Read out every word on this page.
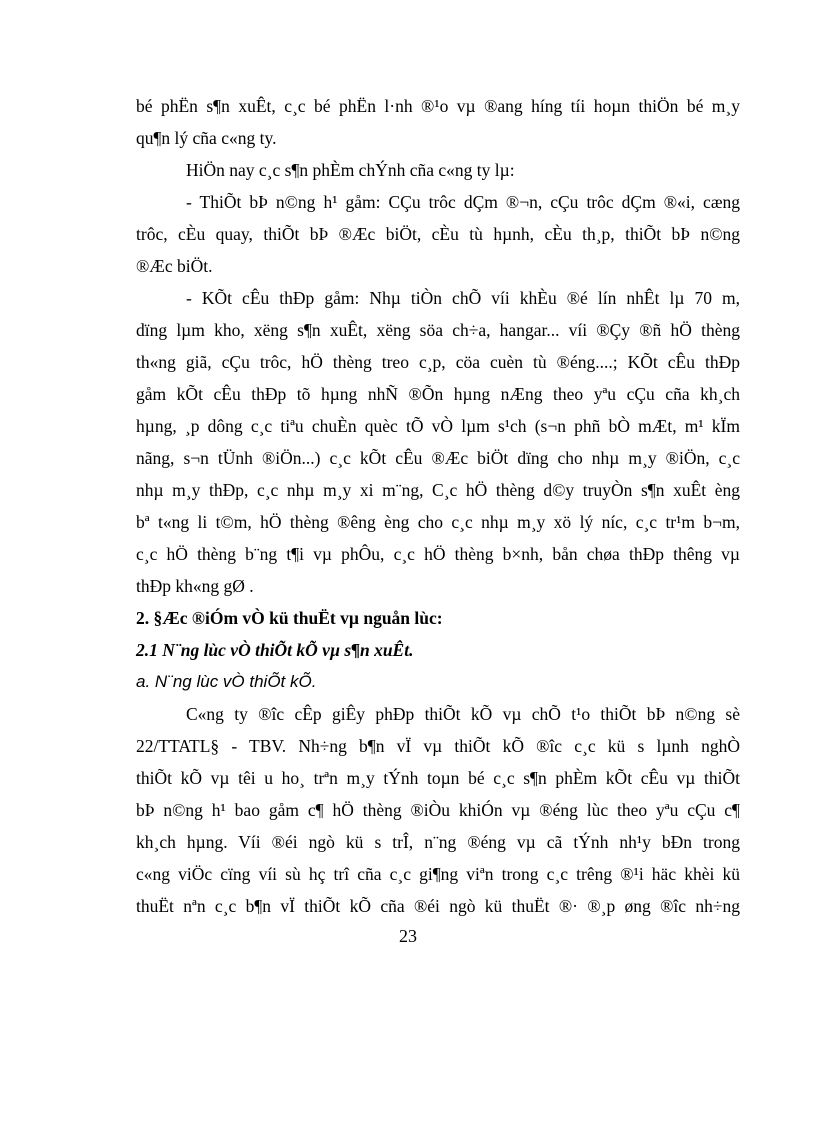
bé phËn s¶n xuÊt, c¸c bé phËn l·nh ®¹o vµ ®ang híng tíi hoµn thiÖn bé m¸y
qu¶n lý cña c«ng ty.
HiÖn nay c¸c s¶n phÈm chÝnh cña c«ng ty lµ:
- ThiÕt bÞ n©ng h¹ gåm: CÇu trôc dÇm ®¬n, cÇu trôc dÇm ®«i, cæng
trôc, cÈu quay, thiÕt bÞ ®Æc biÖt, cÈu tù hµnh, cÈu th¸p, thiÕt bÞ n©ng
®Æc biÖt.
- KÕt cÊu thÐp gåm: Nhµ tiÒn chÕ víi khÈu ®é lín nhÊt lµ 70 m,
dïng lµm kho, xëng s¶n xuÊt, xëng söa ch÷a, hangar... víi ®Çy ®ñ hÖ thèng
th«ng giã, cÇu trôc, hÖ thèng treo c¸p, cöa cuèn tù ®éng....; KÕt cÊu thÐp
gåm kÕt cÊu thÐp tõ hµng nhÑ ®Õn hµng nÆng theo yªu cÇu cña kh¸ch
hµng, ¸p dông c¸c tiªu chuÈn quèc tÕ vÒ lµm s¹ch (s¬n phñ bÒ mÆt, m¹ kÏm
nãng, s¬n tÜnh ®iÖn...) c¸c kÕt cÊu ®Æc biÖt dïng cho nhµ m¸y ®iÖn, c¸c
nhµ m¸y thÐp, c¸c nhµ m¸y xi m¨ng, C¸c hÖ thèng d©y truyÒn s¶n xuÊt èng
bª t«ng li t©m, hÖ thèng ®êng èng cho c¸c nhµ m¸y xö lý níc, c¸c tr¹m b¬m,
c¸c hÖ thèng b¨ng t¶i vµ phÔu, c¸c hÖ thèng b×nh, bån chøa thÐp thêng vµ
thÐp kh«ng gØ .
2. §Æc ®iÓm vÒ kü thuËt vµ nguån lùc:
2.1 N¨ng lùc vÒ thiÕt kÕ vµ s¶n xuÊt.
a. N¨ng lùc vÒ thiÕt kÕ.
C«ng ty ®îc cÊp giÊy phÐp thiÕt kÕ vµ chÕ t¹o thiÕt bÞ n©ng sè
22/TTATL§ - TBV. Nh÷ng b¶n vÏ vµ thiÕt kÕ ®îc c¸c kü s lµnh nghÒ
thiÕt kÕ vµ têi u ho¸ trªn m¸y tÝnh toµn bé c¸c s¶n phÈm kÕt cÊu vµ thiÕt
bÞ n©ng h¹ bao gåm c¶ hÖ thèng ®iÒu khiÓn vµ ®éng lùc theo yªu cÇu c¶
kh¸ch hµng. Víi ®éi ngò kü s trÎ, n¨ng ®éng vµ cã tÝnh nh¹y bÐn trong
c«ng viÖc cïng víi sù hç trî cña c¸c gi¶ng viªn trong c¸c trêng ®¹i häc khèi kü
thuËt nªn c¸c b¶n vÏ thiÕt kÕ cña ®éi ngò kü thuËt ®· ®¸p øng ®îc nh÷ng
23
